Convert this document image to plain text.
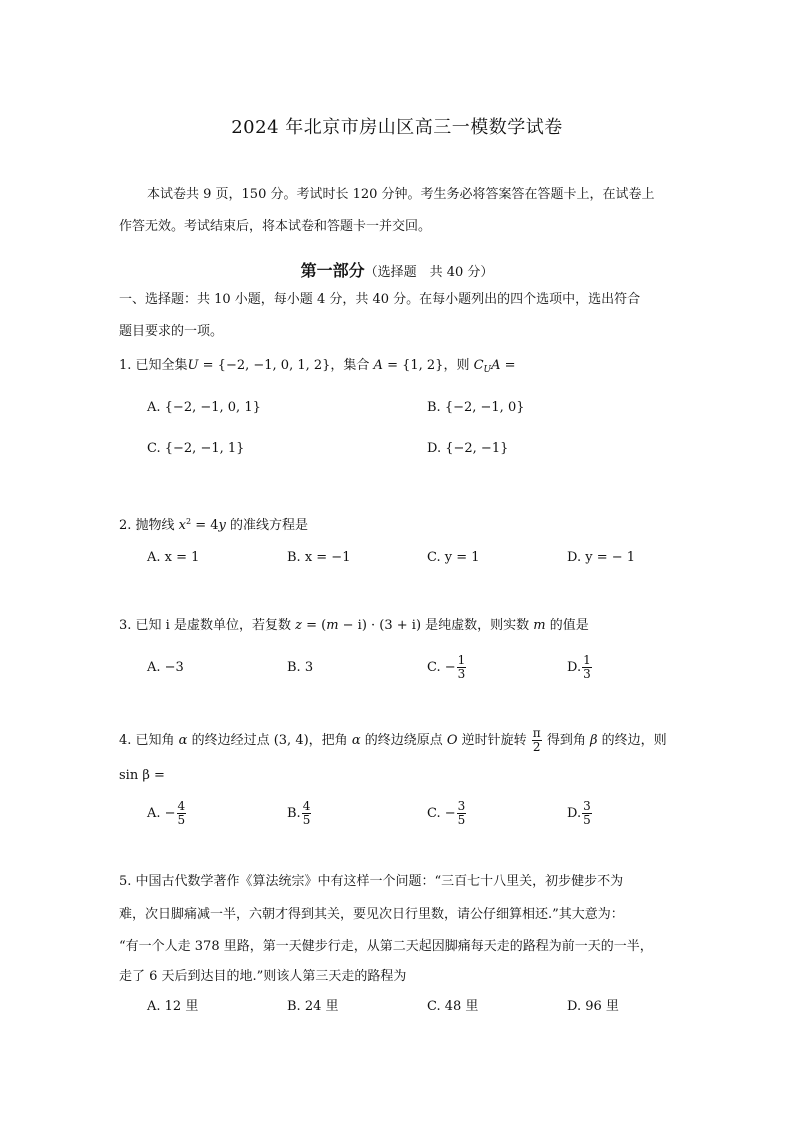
2024 年北京市房山区高三一模数学试卷
本试卷共 9 页，150 分。考试时长 120 分钟。考生务必将答案答在答题卡上，在试卷上
作答无效。考试结束后，将本试卷和答题卡一并交回。
第一部分（选择题　共 40 分）
一、选择题：共 10 小题，每小题 4 分，共 40 分。在每小题列出的四个选项中，选出符合
题目要求的一项。
1. 已知全集U = {−2, −1, 0, 1, 2}，集合 A = {1, 2}，则 $C_UA$ =
A. {−2, −1, 0, 1}	B. {−2, −1, 0}
C. {−2, −1, 1}	D. {−2, −1}
2. 抛物线 $x^2 = 4y$ 的准线方程是
A. x = 1	B. x = −1	C. y = 1	D. y = − 1
3. 已知 i 是虚数单位，若复数 z = (m − i) · (3 + i) 是纯虚数，则实数 m 的值是
A. −3	B. 3	C. − $\frac{1}{3}$	D. $\frac{1}{3}$
4. 已知角 α 的终边经过点 (3, 4)，把角 α 的终边绕原点 O 逆时针旋转 $\frac{\pi}{2}$ 得到角 β 的终边，则
sin β =
A. − $\frac{4}{5}$	B. $\frac{4}{5}$	C. − $\frac{3}{5}$	D. $\frac{3}{5}$
5. 中国古代数学著作《算法统宗》中有这样一个问题：“三百七十八里关，初步健步不为
难，次日脚痛减一半，六朝才得到其关，要见次日行里数，请公仔细算相还.”其大意为：
“有一个人走 378 里路，第一天健步行走，从第二天起因脚痛每天走的路程为前一天的一半，
走了 6 天后到达目的地.”则该人第三天走的路程为
A. 12 里	B. 24 里	C. 48 里	D. 96 里
